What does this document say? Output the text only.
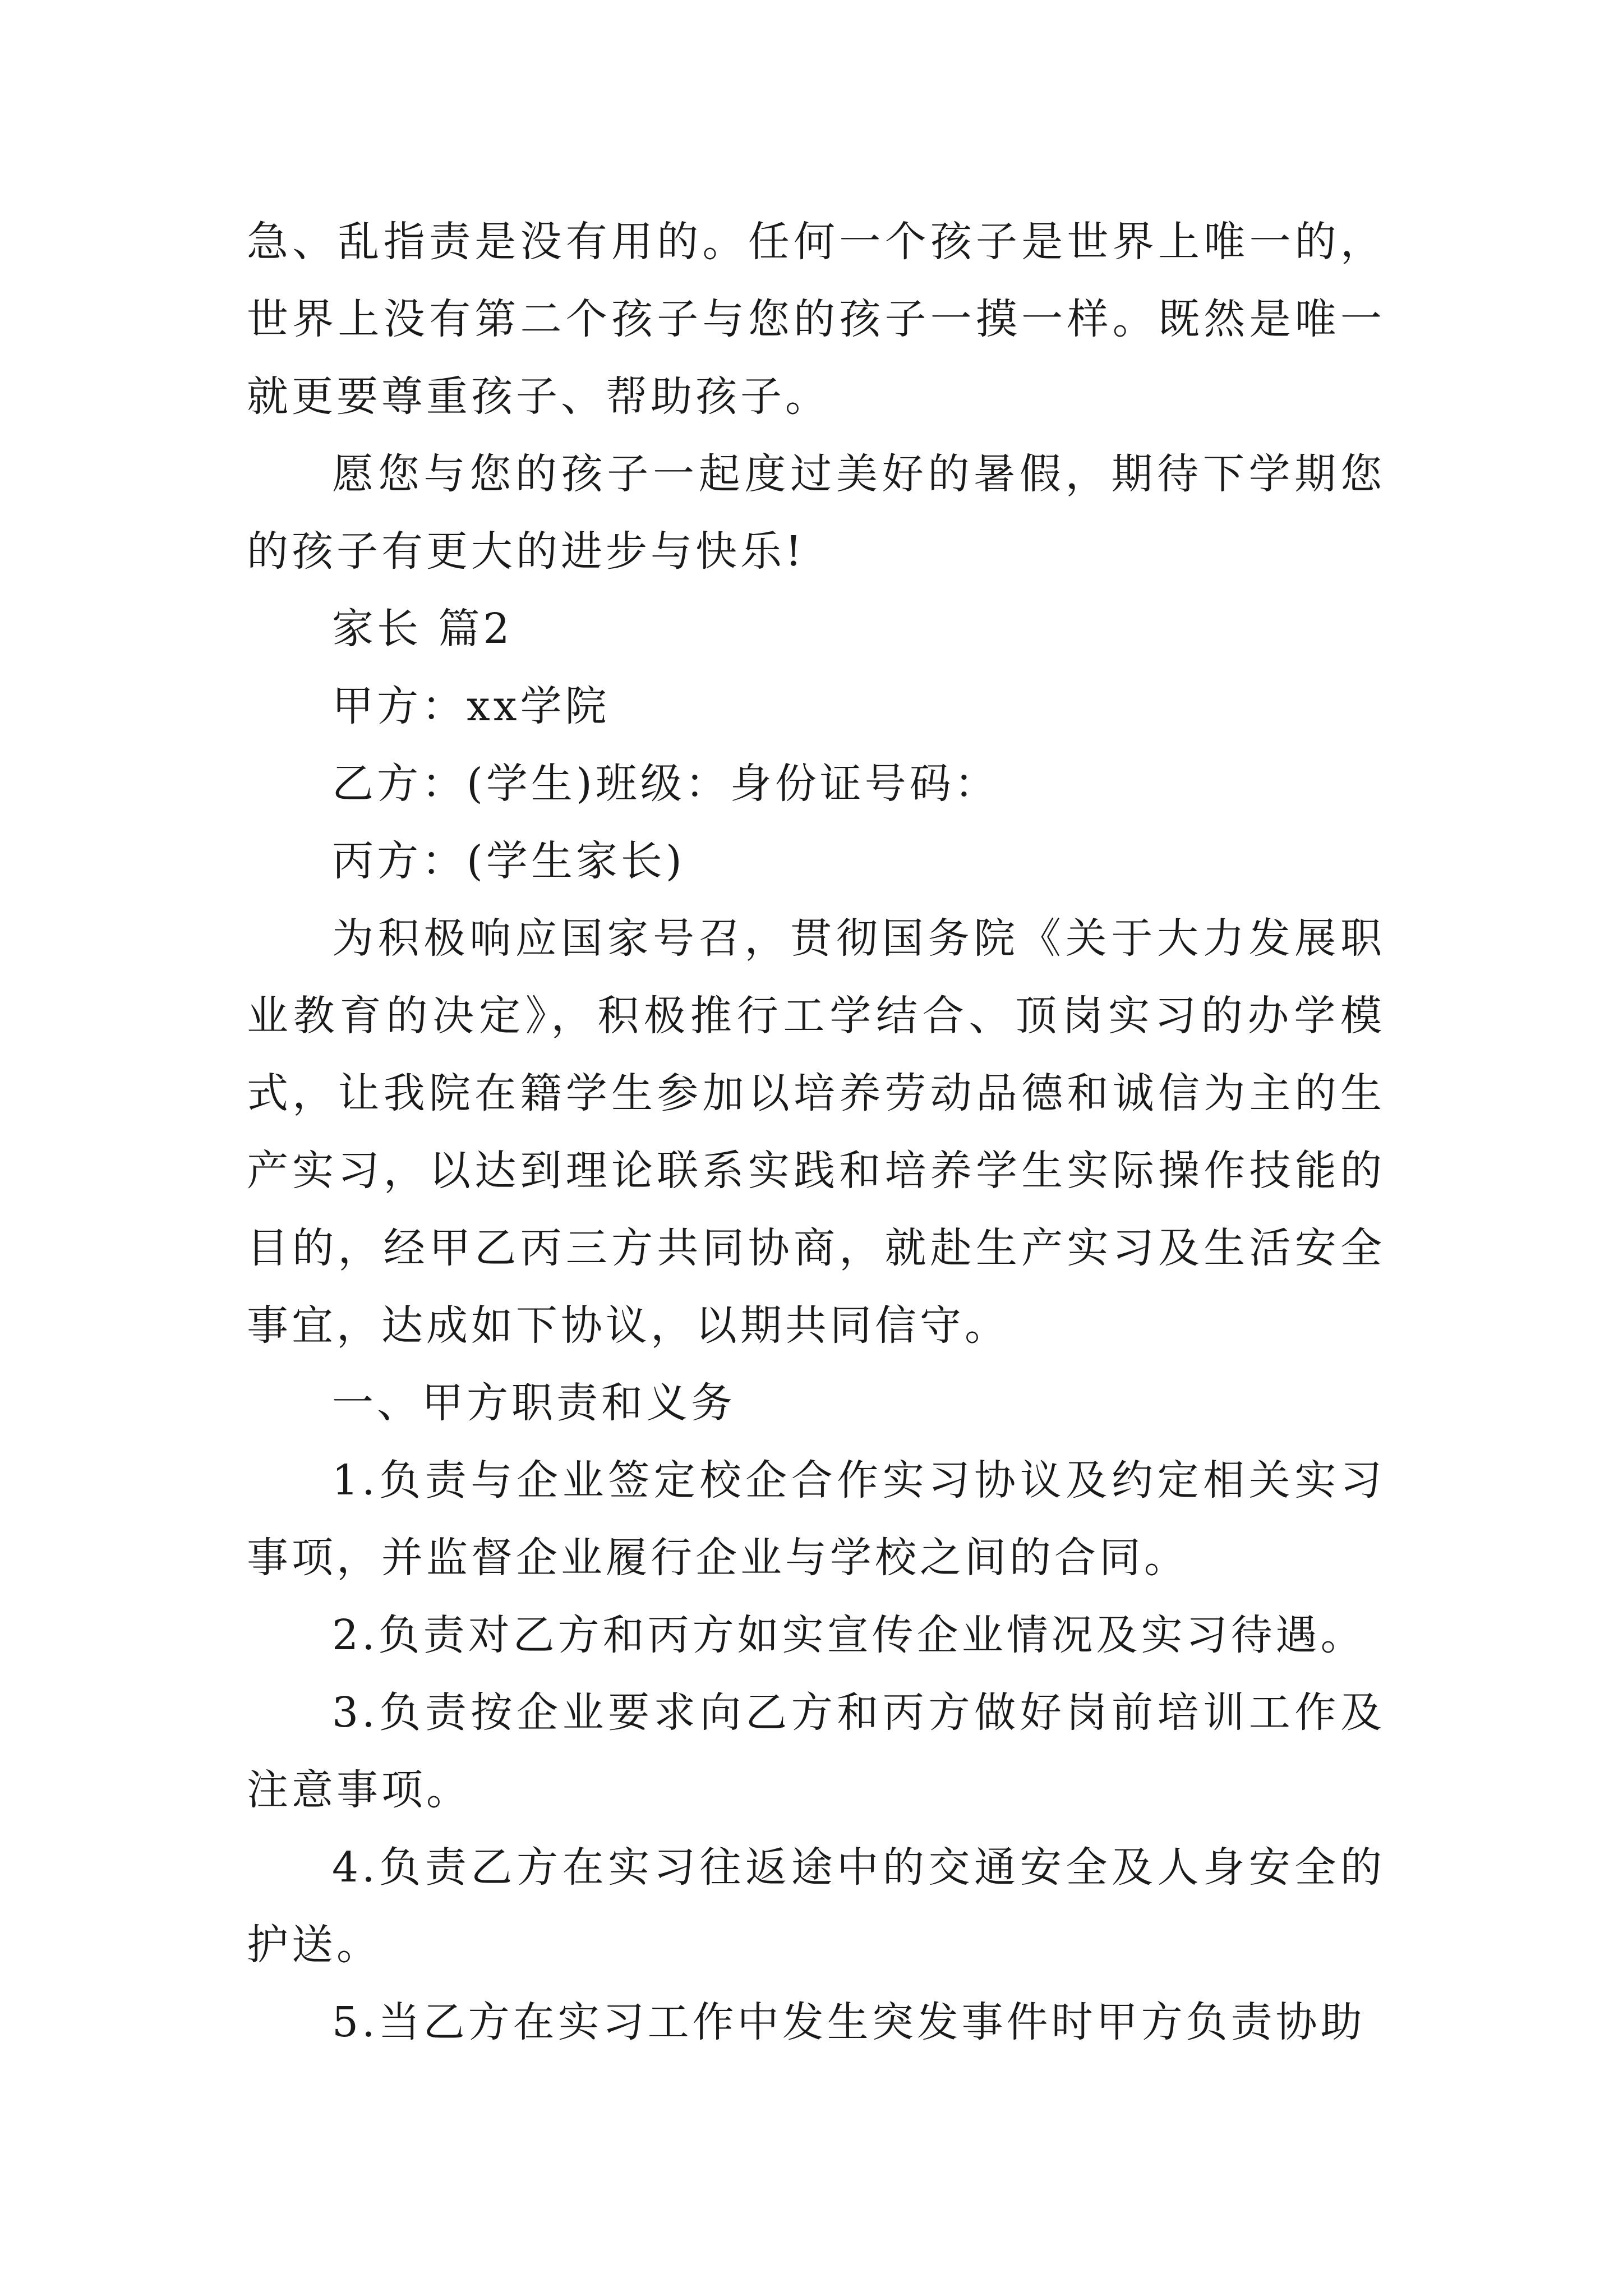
急、乱指责是没有用的。任何一个孩子是世界上唯一的，世界上没有第二个孩子与您的孩子一摸一样。既然是唯一就更要尊重孩子、帮助孩子。

愿您与您的孩子一起度过美好的暑假，期待下学期您的孩子有更大的进步与快乐!

家长 篇2

甲方：xx学院

乙方：(学生)班级：身份证号码：

丙方：(学生家长)

为积极响应国家号召，贯彻国务院《关于大力发展职业教育的决定》，积极推行工学结合、顶岗实习的办学模式，让我院在籍学生参加以培养劳动品德和诚信为主的生产实习，以达到理论联系实践和培养学生实际操作技能的目的，经甲乙丙三方共同协商，就赴生产实习及生活安全事宜，达成如下协议，以期共同信守。

一、甲方职责和义务

1.负责与企业签定校企合作实习协议及约定相关实习事项，并监督企业履行企业与学校之间的合同。

2.负责对乙方和丙方如实宣传企业情况及实习待遇。

3.负责按企业要求向乙方和丙方做好岗前培训工作及注意事项。

4.负责乙方在实习往返途中的交通安全及人身安全的护送。

5.当乙方在实习工作中发生突发事件时甲方负责协助
